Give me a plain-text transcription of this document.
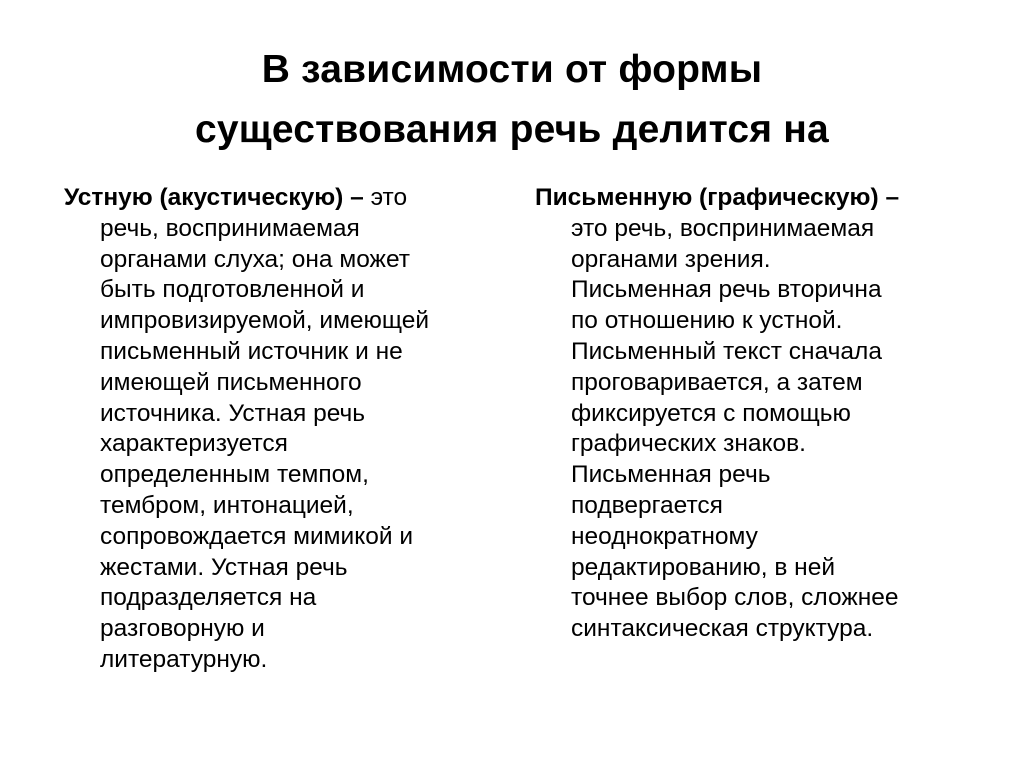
В зависимости от формы
существования речь делится на
Устную (акустическую) – это
речь, воспринимаемая
органами слуха; она может
быть подготовленной и
импровизируемой, имеющей
письменный источник и не
имеющей письменного
источника. Устная речь
характеризуется
определенным темпом,
тембром, интонацией,
сопровождается мимикой и
жестами. Устная речь
подразделяется на
разговорную и
литературную.
Письменную (графическую) –
это речь, воспринимаемая
органами зрения.
Письменная речь вторична
по отношению к устной.
Письменный текст сначала
проговаривается, а затем
фиксируется с помощью
графических знаков.
Письменная речь
подвергается
неоднократному
редактированию, в ней
точнее выбор слов, сложнее
синтаксическая структура.
